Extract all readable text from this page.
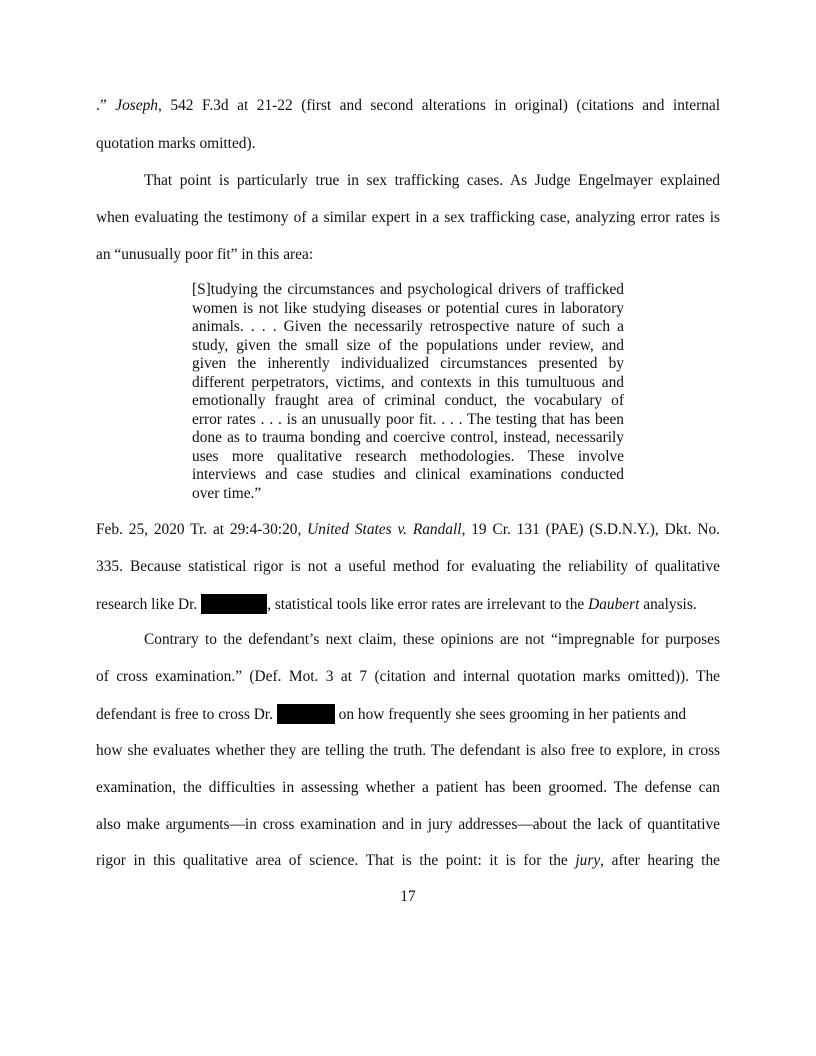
.” Joseph, 542 F.3d at 21-22 (first and second alterations in original) (citations and internal
quotation marks omitted).
That point is particularly true in sex trafficking cases. As Judge Engelmayer explained
when evaluating the testimony of a similar expert in a sex trafficking case, analyzing error rates is
an “unusually poor fit” in this area:
[S]tudying the circumstances and psychological drivers of trafficked
women is not like studying diseases or potential cures in laboratory
animals. . . . Given the necessarily retrospective nature of such a
study, given the small size of the populations under review, and
given the inherently individualized circumstances presented by
different perpetrators, victims, and contexts in this tumultuous and
emotionally fraught area of criminal conduct, the vocabulary of
error rates . . . is an unusually poor fit. . . . The testing that has been
done as to trauma bonding and coercive control, instead, necessarily
uses more qualitative research methodologies. These involve
interviews and case studies and clinical examinations conducted
over time.”
Feb. 25, 2020 Tr. at 29:4-30:20, United States v. Randall, 19 Cr. 131 (PAE) (S.D.N.Y.), Dkt. No.
335. Because statistical rigor is not a useful method for evaluating the reliability of qualitative
research like Dr.	, statistical tools like error rates are irrelevant to the Daubert analysis.
Contrary to the defendant’s next claim, these opinions are not “impregnable for purposes
of cross examination.” (Def. Mot. 3 at 7 (citation and internal quotation marks omitted)). The
defendant is free to cross Dr.	on how frequently she sees grooming in her patients and
how she evaluates whether they are telling the truth. The defendant is also free to explore, in cross
examination, the difficulties in assessing whether a patient has been groomed. The defense can
also make arguments—in cross examination and in jury addresses—about the lack of quantitative
rigor in this qualitative area of science. That is the point: it is for the jury, after hearing the
17
